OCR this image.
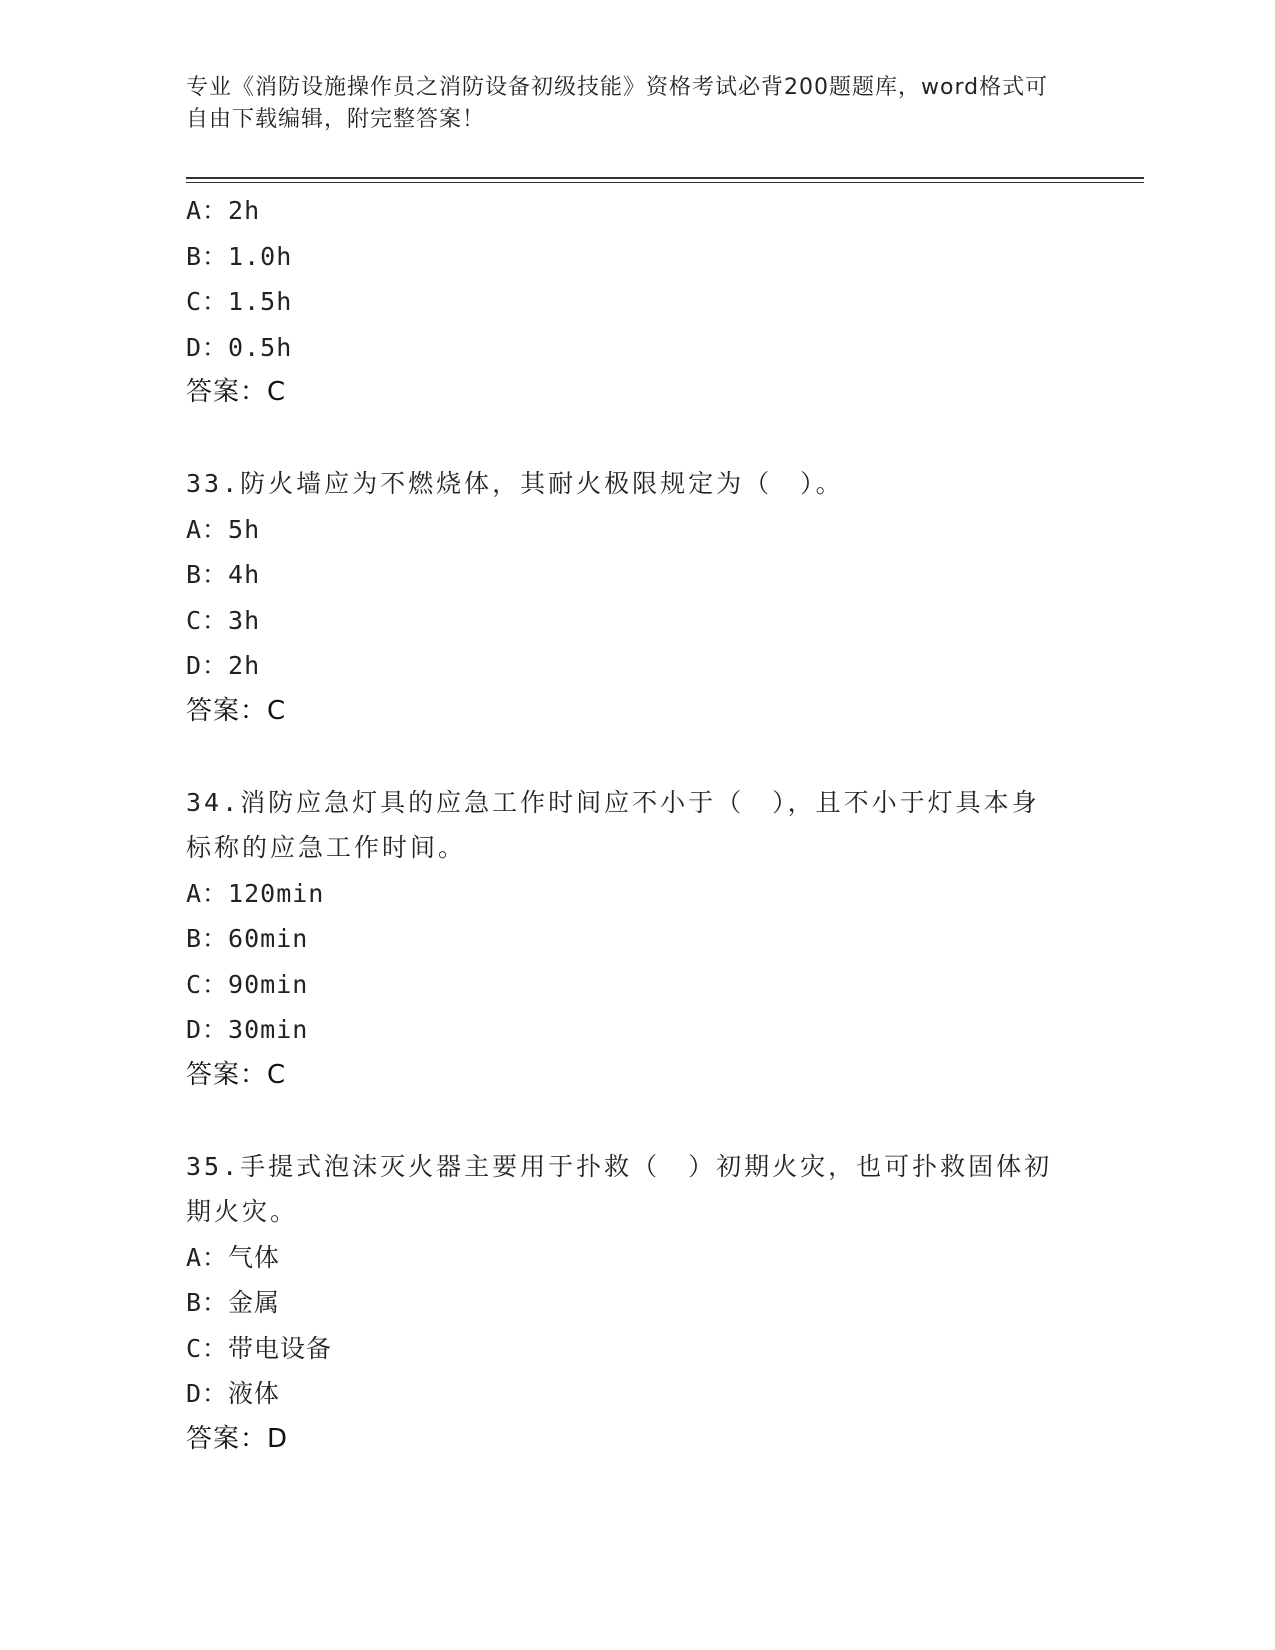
专业《消防设施操作员之消防设备初级技能》资格考试必背200题题库，word格式可自由下载编辑，附完整答案！
A：2h
B：1.0h
C：1.5h
D：0.5h
答案：C
33.防火墙应为不燃烧体，其耐火极限规定为（　）。
A：5h
B：4h
C：3h
D：2h
答案：C
34.消防应急灯具的应急工作时间应不小于（　），且不小于灯具本身标称的应急工作时间。
A：120min
B：60min
C：90min
D：30min
答案：C
35.手提式泡沫灭火器主要用于扑救（　）初期火灾，也可扑救固体初期火灾。
A：气体
B：金属
C：带电设备
D：液体
答案：D
